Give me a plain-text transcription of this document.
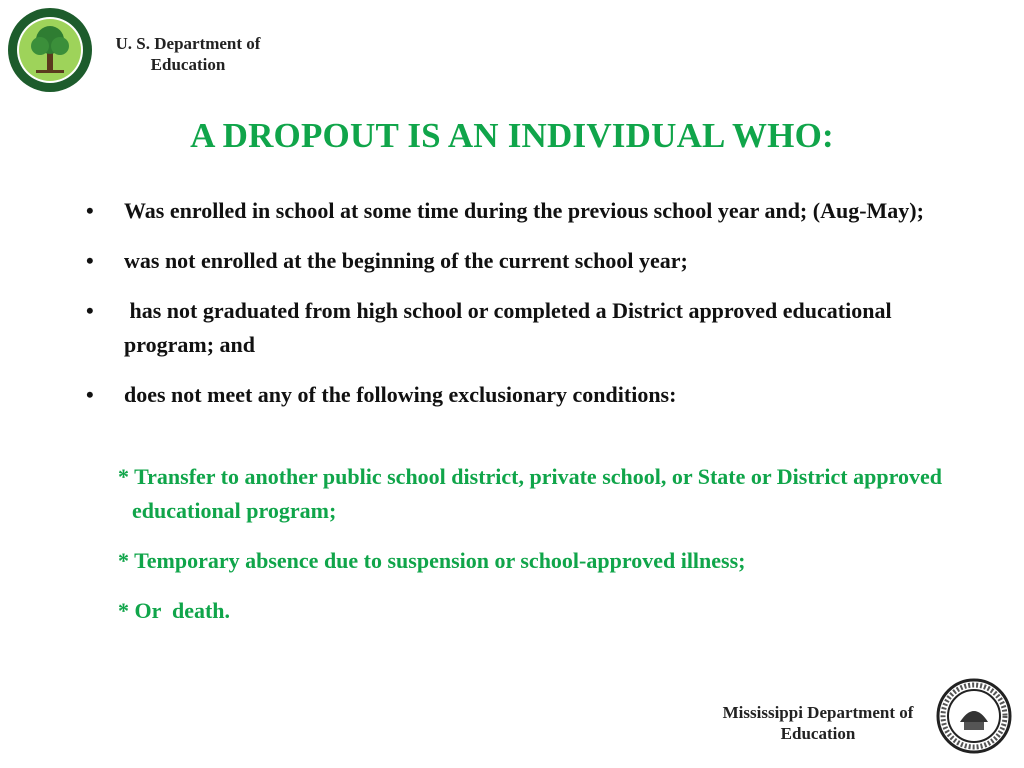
U. S. Department of Education
A DROPOUT IS AN INDIVIDUAL WHO:
• Was enrolled in school at some time during the previous school year and; (Aug-May);
• was not enrolled at the beginning of the current school year;
• has not graduated from high school or completed a District approved educational program; and
• does not meet any of the following exclusionary conditions:
* Transfer to another public school district, private school, or State or District approved educational program;
* Temporary absence due to suspension or school-approved illness;
* Or  death.
Mississippi Department of Education
